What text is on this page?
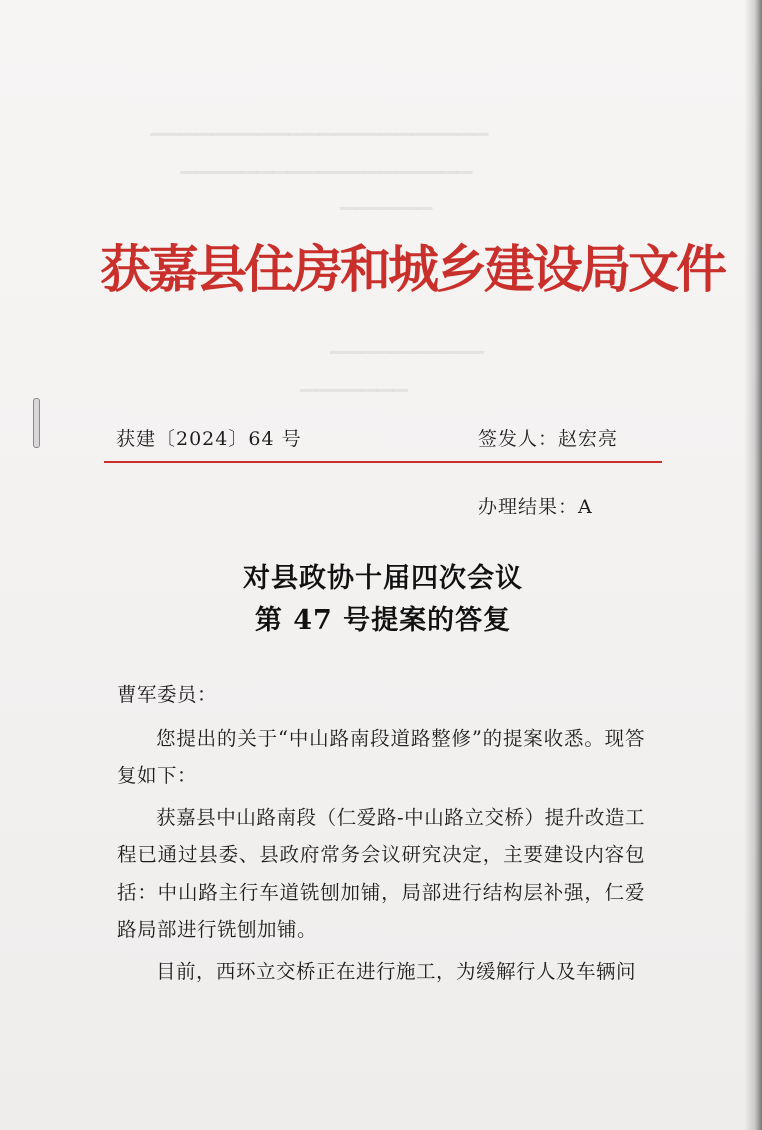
▁▁▁▁▁▁▁▁▁▁▁▁▁▁▁▁▁▁▁▁▁▁
▁▁▁▁▁▁▁▁▁▁▁▁▁▁▁▁▁▁▁
▁▁▁▁▁▁
▁▁▁▁▁▁▁▁▁▁
▁▁▁▁▁▁▁
获嘉县住房和城乡建设局文件
获建〔2024〕64 号	签发人：赵宏亮
办理结果：A
对县政协十届四次会议
第 47 号提案的答复

曹军委员：

您提出的关于“中山路南段道路整修”的提案收悉。现答复如下：

获嘉县中山路南段（仁爱路-中山路立交桥）提升改造工程已通过县委、县政府常务会议研究决定，主要建设内容包括：中山路主行车道铣刨加铺，局部进行结构层补强，仁爱路局部进行铣刨加铺。

目前，西环立交桥正在进行施工，为缓解行人及车辆问
